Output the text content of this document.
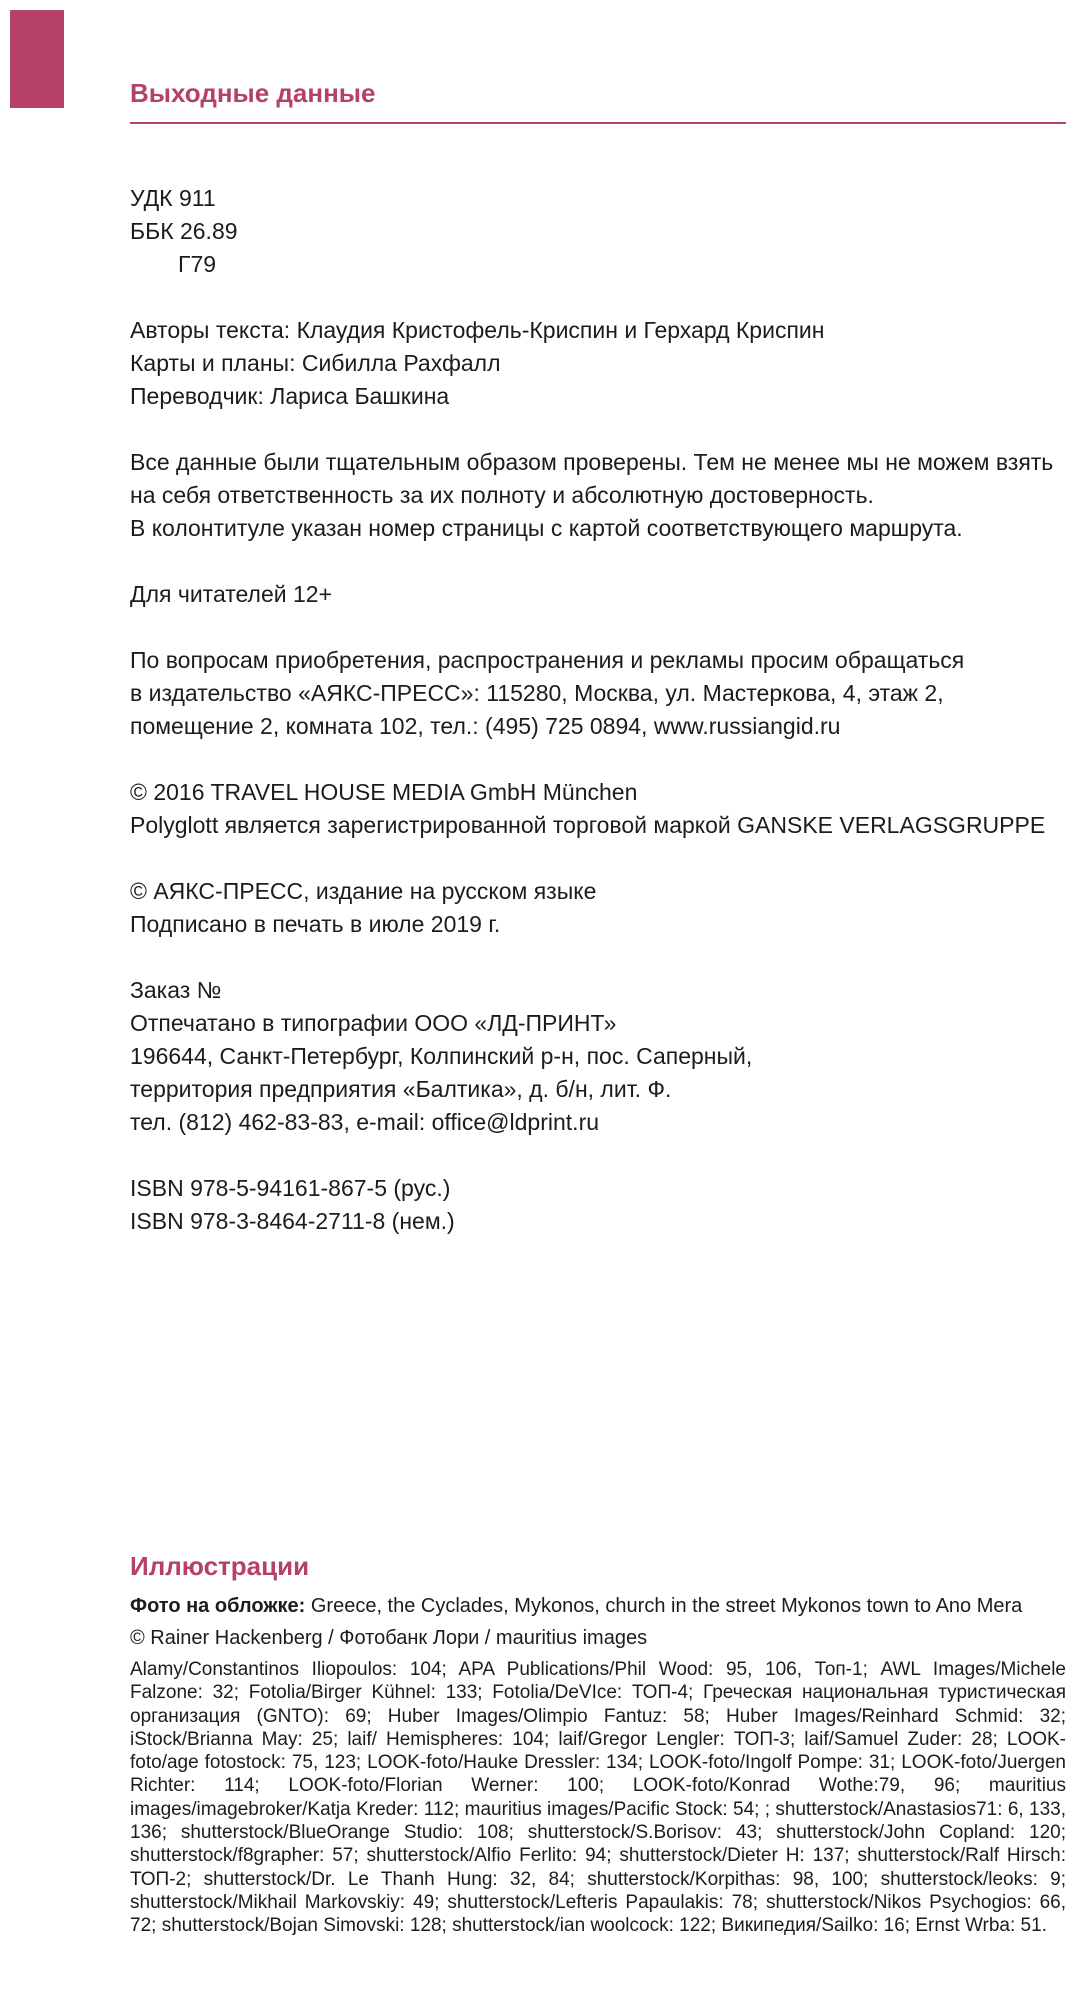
Выходные данные

УДК 911

ББК 26.89

Г79

Авторы текста: Клаудия Кристофель-Криспин и Герхард Криспин

Карты и планы: Сибилла Рахфалл

Переводчик: Лариса Башкина

Все данные были тщательным образом проверены. Тем не менее мы не можем взять

на себя ответственность за их полноту и абсолютную достоверность.

В колонтитуле указан номер страницы с картой соответствующего маршрута.

Для читателей 12+

По вопросам приобретения, распространения и рекламы просим обращаться

в издательство «АЯКС-ПРЕСС»: 115280, Москва, ул. Мастеркова, 4, этаж 2,

помещение 2, комната 102, тел.: (495) 725 0894, www.russiangid.ru

© 2016 TRAVEL HOUSE MEDIA GmbH München

Polyglott является зарегистрированной торговой маркой GANSKE VERLAGSGRUPPE

© АЯКС-ПРЕСС, издание на русском языке

Подписано в печать в июле 2019 г.

Заказ №

Отпечатано в типографии ООО «ЛД-ПРИНТ»

196644, Санкт-Петербург, Колпинский р-н, пос. Саперный,

территория предприятия «Балтика», д. б/н, лит. Ф.

тел. (812) 462-83-83, e-mail: office@ldprint.ru

ISBN 978-5-94161-867-5 (рус.)

ISBN 978-3-8464-2711-8 (нем.)

Иллюстрации

Фото на обложке: Greece, the Cyclades, Mykonos, church in the street Mykonos town to Ano Mera

© Rainer Hackenberg / Фотобанк Лори / mauritius images

Alamy/Constantinos Iliopoulos: 104; APA Publications/Phil Wood: 95, 106, Топ-1; AWL Images/Michele Falzone: 32; Fotolia/Birger Kühnel: 133; Fotolia/DeVIce: ТОП-4; Греческая национальная туристическая организация (GNTO): 69; Huber Images/Olimpio Fantuz: 58; Huber Images/Reinhard Schmid: 32; iStock/Brianna May: 25; laif/ Hemispheres: 104; laif/Gregor Lengler: ТОП-3; laif/Samuel Zuder: 28; LOOK-foto/age fotostock: 75, 123; LOOK-foto/Hauke Dressler: 134; LOOK-foto/Ingolf Pompe: 31; LOOK-foto/Juergen Richter: 114; LOOK-foto/Florian Werner: 100; LOOK-foto/Konrad Wothe:79, 96; mauritius images/imagebroker/Katja Kreder: 112; mauritius images/Pacific Stock: 54; ; shutterstock/Anastasios71: 6, 133, 136; shutterstock/BlueOrange Studio: 108; shutterstock/S.Borisov: 43; shutterstock/John Copland: 120; shutterstock/f8grapher: 57; shutterstock/Alfio Ferlito: 94; shutterstock/Dieter H: 137; shutterstock/Ralf Hirsch: ТОП-2; shutterstock/Dr. Le Thanh Hung: 32, 84; shutterstock/Korpithas: 98, 100; shutterstock/leoks: 9; shutterstock/Mikhail Markovskiy: 49; shutterstock/Lefteris Papaulakis: 78; shutterstock/Nikos Psychogios: 66, 72; shutterstock/Bojan Simovski: 128; shutterstock/ian woolcock: 122; Википедия/Sailko: 16; Ernst Wrba: 51.
